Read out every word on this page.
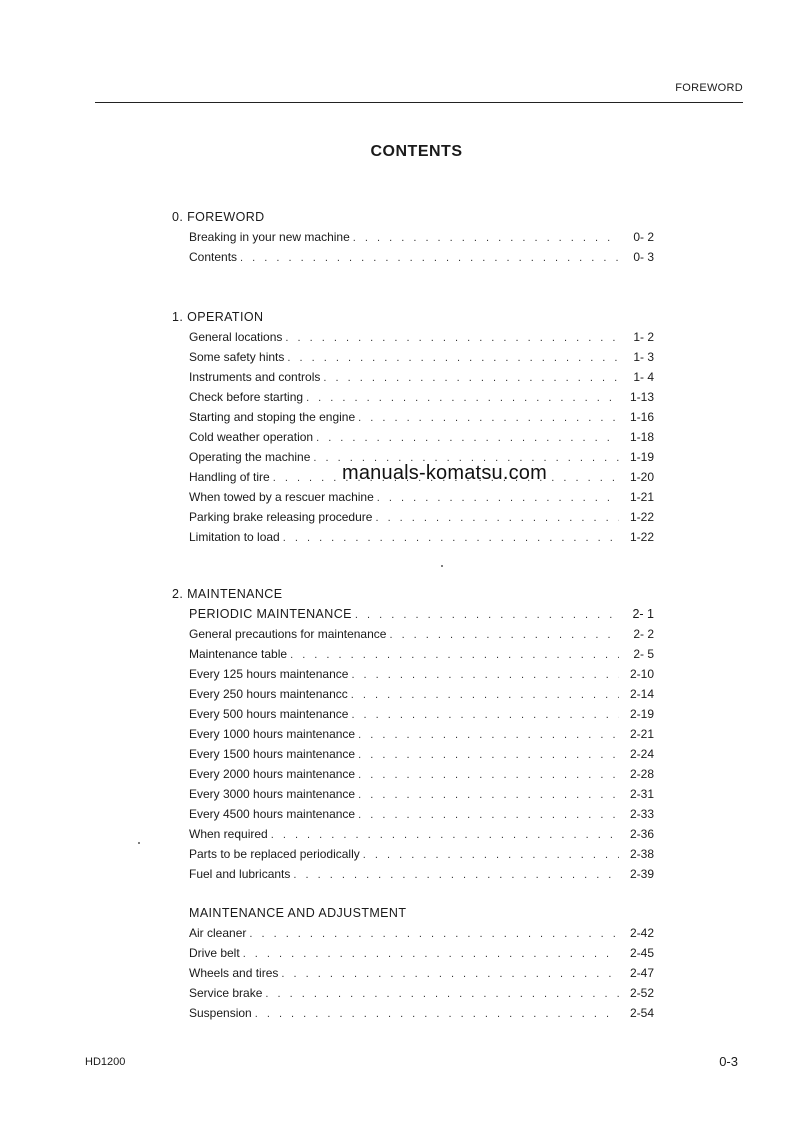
FOREWORD
CONTENTS
0. FOREWORD
Breaking in your new machine . . .	0- 2
Contents . . .	0- 3
1. OPERATION
General locations . . .	1- 2
Some safety hints . . .	1- 3
Instruments and controls . . .	1- 4
Check before starting . . .	1-13
Starting and stoping the engine . . .	1-16
Cold weather operation . . .	1-18
Operating the machine . . .	1-19
Handling of tire . . .	1-20
When towed by a rescuer machine . . .	1-21
Parking brake releasing procedure . . .	1-22
Limitation to load . . .	1-22
manuals-komatsu.com
2. MAINTENANCE
PERIODIC MAINTENANCE . . .	2- 1
General precautions for maintenance . . .	2- 2
Maintenance table . . .	2- 5
Every 125 hours maintenance . . .	2-10
Every 250 hours maintenancc . . .	2-14
Every 500 hours maintenance . . .	2-19
Every 1000 hours maintenance . . .	2-21
Every 1500 hours maintenance . . .	2-24
Every 2000 hours maintenance . . .	2-28
Every 3000 hours maintenance . . .	2-31
Every 4500 hours maintenance . . .	2-33
When required . . .	2-36
Parts to be replaced periodically . . .	2-38
Fuel and lubricants . . .	2-39
MAINTENANCE AND ADJUSTMENT
Air cleaner . . .	2-42
Drive belt . . .	2-45
Wheels and tires . . .	2-47
Service brake . . .	2-52
Suspension . . .	2-54
HD1200	0-3
